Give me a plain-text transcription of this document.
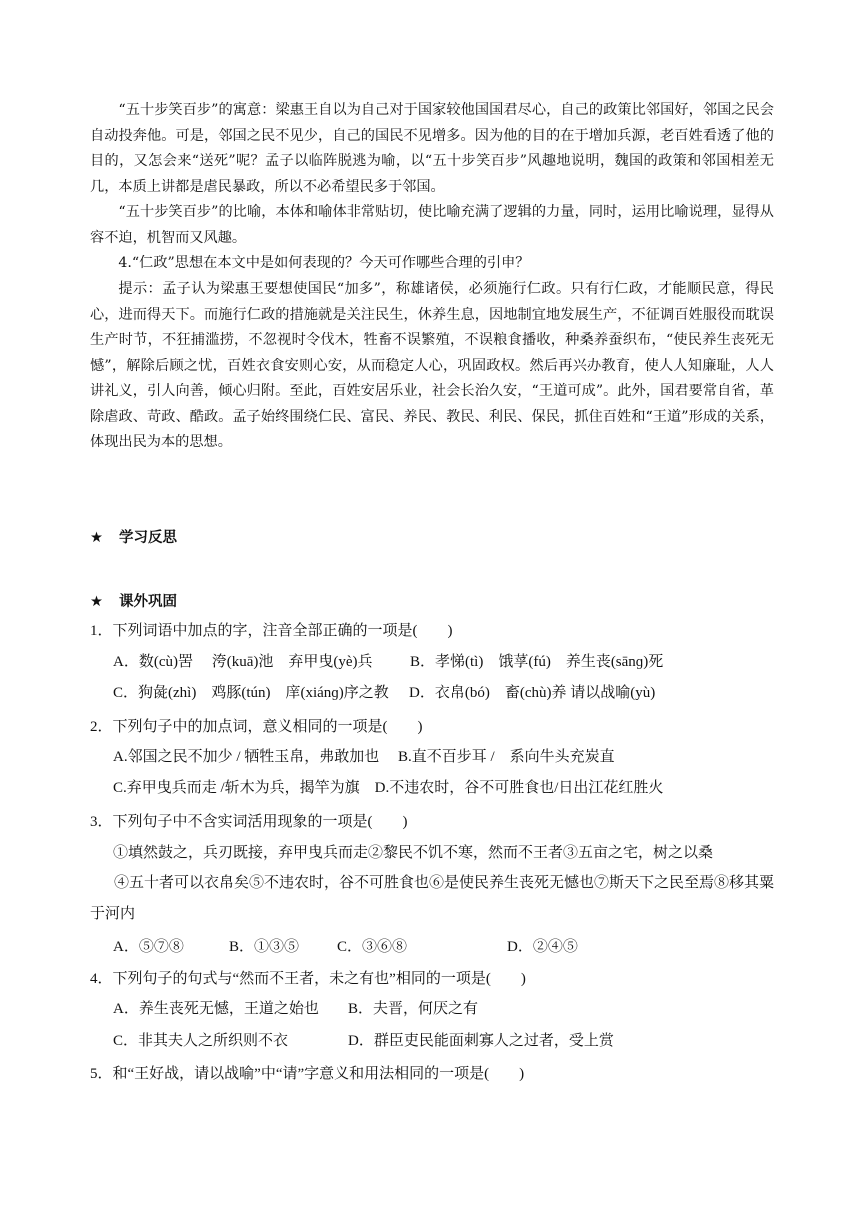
“五十步笑百步”的寓意：梁惠王自以为自己对于国家较他国国君尽心，自己的政策比邻国好，邻国之民会自动投奔他。可是，邻国之民不见少，自己的国民不见增多。因为他的目的在于增加兵源，老百姓看透了他的目的，又怎会来“送死”呢？孟子以临阵脱逃为喻，以“五十步笑百步”风趣地说明，魏国的政策和邻国相差无几，本质上讲都是虐民暴政，所以不必希望民多于邻国。
“五十步笑百步”的比喻，本体和喻体非常贴切，使比喻充满了逻辑的力量，同时，运用比喻说理，显得从容不迫，机智而又风趣。
4.“仁政”思想在本文中是如何表现的？今天可作哪些合理的引申？
提示：孟子认为梁惠王要想使国民“加多”，称雄诸侯，必须施行仁政。只有行仁政，才能顺民意，得民心，进而得天下。而施行仁政的措施就是关注民生，休养生息，因地制宜地发展生产，不征调百姓服役而耽误生产时节，不狂捕滥捞，不忽视时令伐木，牲畜不误繁殖，不误粮食播收，种桑养蚕织布，“使民养生丧死无憾”，解除后顾之忧，百姓衣食安则心安，从而稳定人心，巩固政权。然后再兴办教育，使人人知廉耻，人人讲礼义，引人向善，倾心归附。至此，百姓安居乐业，社会长治久安，“王道可成”。此外，国君要常自省，革除虐政、苛政、酷政。孟子始终围绕仁民、富民、养民、教民、利民、保民，抓住百姓和“王道”形成的关系，体现出民为本的思想。
★ 学习反思
★ 课外巩固
1．下列词语中加点的字，注音全部正确的一项是(　　)
A．数(cù)罟　 洿(kuā)池　弃甲曳(yè)兵 B．孝悌(tì)　饿莩(fú)　养生丧(sānɡ)死
C．狗彘(zhì)　鸡豚(tún)　庠(xiánɡ)序之教 D．衣帛(bó)　畜(chù)养 请以战喻(yù)
2．下列句子中的加点词，意义相同的一项是(　　)
A.邻国之民不加少 / 牺牲玉帛，弗敢加也　 B.直不百步耳 /　系向牛头充炭直
C.弃甲曳兵而走 /斩木为兵，揭竿为旗　D.不违农时，谷不可胜食也/日出江花红胜火
3．下列句子中不含实词活用现象的一项是(　　)
①填然鼓之，兵刃既接，弃甲曳兵而走②黎民不饥不寒，然而不王者③五亩之宅，树之以桑
④五十者可以衣帛矣⑤不违农时，谷不可胜食也⑥是使民养生丧死无憾也⑦斯天下之民至焉⑧移其粟于河内
A．⑤⑦⑧	B．①③⑤	C．③⑥⑧	D．②④⑤
4．下列句子的句式与“然而不王者，未之有也”相同的一项是(　　)
A．养生丧死无憾，王道之始也 B．夫晋，何厌之有
C．非其夫人之所织则不衣	D．群臣吏民能面刺寡人之过者，受上赏
5．和“王好战，请以战喻”中“请”字意义和用法相同的一项是(　　)
